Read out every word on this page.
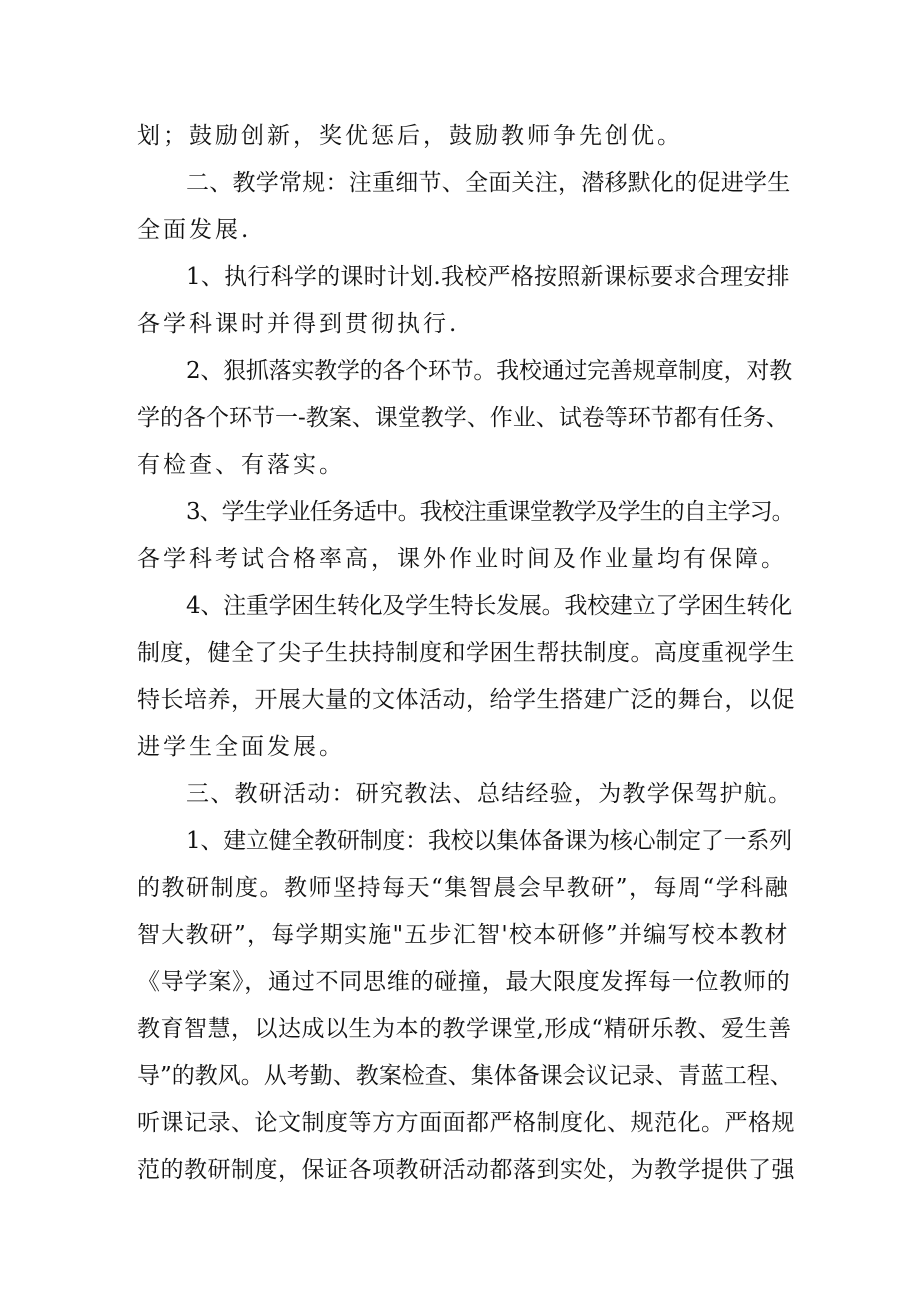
划；鼓励创新，奖优惩后，鼓励教师争先创优。
二、教学常规：注重细节、全面关注，潜移默化的促进学生
全面发展.
1、执行科学的课时计划.我校严格按照新课标要求合理安排
各学科课时并得到贯彻执行.
2、狠抓落实教学的各个环节。我校通过完善规章制度，对教
学的各个环节一-教案、课堂教学、作业、试卷等环节都有任务、
有检查、有落实。
3、学生学业任务适中。我校注重课堂教学及学生的自主学习。
各学科考试合格率高，课外作业时间及作业量均有保障。
4、注重学困生转化及学生特长发展。我校建立了学困生转化
制度，健全了尖子生扶持制度和学困生帮扶制度。高度重视学生
特长培养，开展大量的文体活动，给学生搭建广泛的舞台，以促
进学生全面发展。
三、教研活动：研究教法、总结经验，为教学保驾护航。
1、建立健全教研制度：我校以集体备课为核心制定了一系列
的教研制度。教师坚持每天“集智晨会早教研”，每周“学科融
智大教研”，每学期实施"五步汇智'校本研修”并编写校本教材
《导学案》，通过不同思维的碰撞，最大限度发挥每一位教师的
教育智慧，以达成以生为本的教学课堂,形成“精研乐教、爱生善
导”的教风。从考勤、教案检查、集体备课会议记录、青蓝工程、
听课记录、论文制度等方方面面都严格制度化、规范化。严格规
范的教研制度，保证各项教研活动都落到实处，为教学提供了强
